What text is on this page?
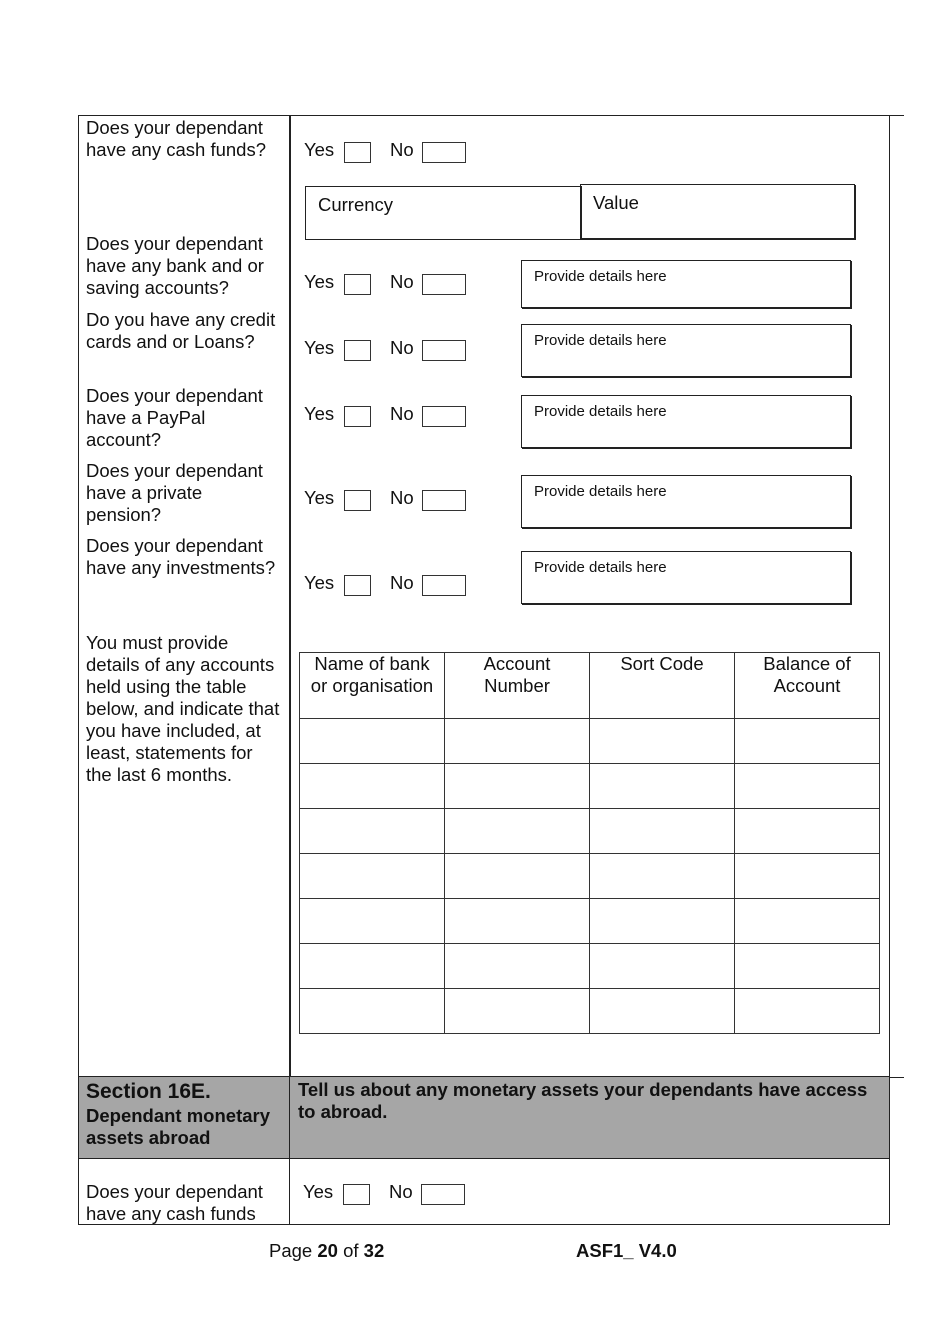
Does your dependant have any cash funds?	Yes	No
Currency	Value
Does your dependant have any bank and or saving accounts?	Yes	No	Provide details here
Do you have any credit cards and or Loans?	Yes	No	Provide details here
Does your dependant have a PayPal account?
Yes	No	Provide details here
Does your dependant have a private pension?
Yes	No	Provide details here
Does your dependant have any investments?
Yes	No
Provide details here
You must provide details of any accounts held using the table below, and indicate that you have included, at least, statements for the last 6 months.
Name of bank or organisation	Account Number	Sort Code	Balance of Account

Section 16E.
Dependant monetary assets abroad
Tell us about any monetary assets your dependants have access to abroad.
Does your dependant have any cash funds
Yes	No
Page 20 of 32	ASF1_ V4.0
